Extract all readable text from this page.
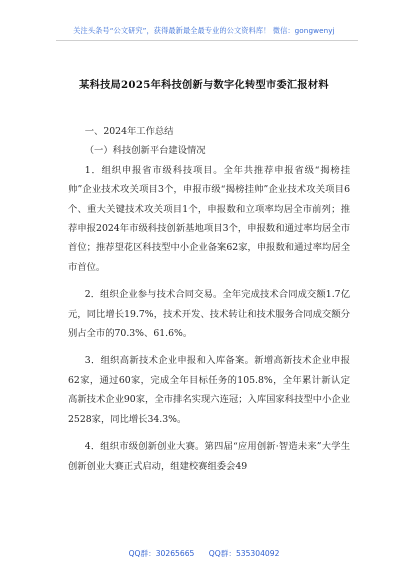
关注头条号“公文研究”，获得最新最全最专业的公文资料库！ 微信：gongwenyj
某科技局2025年科技创新与数字化转型市委汇报材料

一、2024年工作总结

（一）科技创新平台建设情况

1．组织申报省市级科技项目。全年共推荐申报省级“揭榜挂帅”企业技术攻关项目3个，申报市级“揭榜挂帅”企业技术攻关项目6个、重大关键技术攻关项目1个，申报数和立项率均居全市前列；推荐申报2024年市级科技创新基地项目3个，申报数和通过率均居全市首位；推荐望花区科技型中小企业备案62家，申报数和通过率均居全市首位。

2．组织企业参与技术合同交易。全年完成技术合同成交额1.7亿元，同比增长19.7%，技术开发、技术转让和技术服务合同成交额分别占全市的70.3%、61.6%。

3．组织高新技术企业申报和入库备案。新增高新技术企业申报62家，通过60家，完成全年目标任务的105.8%，全年累计新认定高新技术企业90家，全市排名实现六连冠；入库国家科技型中小企业2528家，同比增长34.3%。

4．组织市级创新创业大赛。第四届“应用创新·智造未来”大学生创新创业大赛正式启动，组建校赛组委会49

QQ群：30265665 QQ群：535304092
